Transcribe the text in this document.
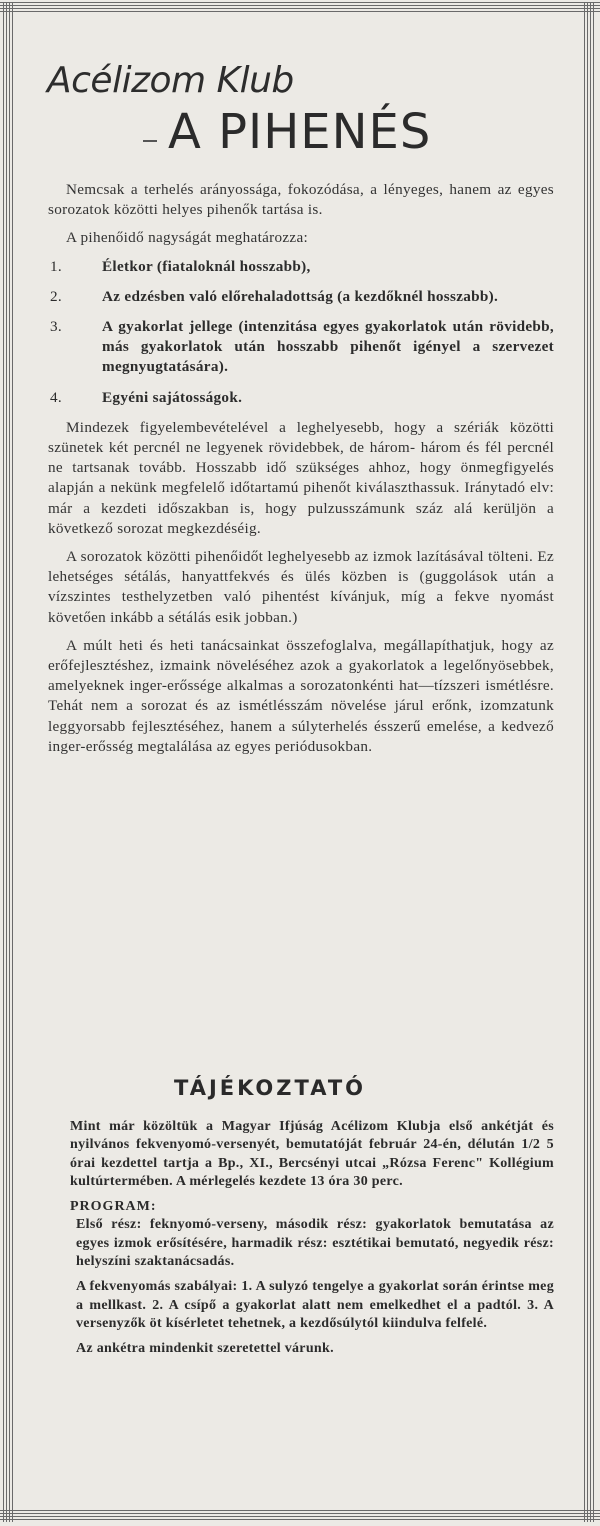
Acélizom Klub
A PIHENÉS

Nemcsak a terhelés arányossága, fokozódása, a lényeges, hanem az egyes sorozatok közötti helyes pihenők tartása is.

A pihenőidő nagyságát meghatározza:

1.	Életkor (fiataloknál hosszabb),
2.	Az edzésben való előrehaladottság (a kezdőknél hosszabb).
3.	A gyakorlat jellege (intenzitása egyes gyakorlatok után rövidebb, más gyakorlatok után hosszabb pihenőt igényel a szervezet megnyugtatására).
4.	Egyéni sajátosságok.

Mindezek figyelembevételével a leghelyesebb, hogy a szériák közötti szünetek két percnél ne legyenek rövidebbek, de három- három és fél percnél ne tartsanak tovább. Hosszabb idő szükséges ahhoz, hogy önmegfigyelés alapján a nekünk megfelelő időtartamú pihenőt kiválaszthassuk. Iránytadó elv: már a kezdeti időszakban is, hogy pulzusszámunk száz alá kerüljön a következő sorozat megkezdéséig.

A sorozatok közötti pihenőidőt leghelyesebb az izmok lazításával tölteni. Ez lehetséges sétálás, hanyattfekvés és ülés közben is (guggolások után a vízszintes testhelyzetben való pihentést kívánjuk, míg a fekve nyomást követően inkább a sétálás esik jobban.)

A múlt heti és heti tanácsainkat összefoglalva, megállapíthatjuk, hogy az erőfejlesztéshez, izmaink növeléséhez azok a gyakorlatok a legelőnyösebbek, amelyeknek inger-erőssége alkalmas a sorozatonkénti hat—tízszeri ismétlésre. Tehát nem a sorozat és az ismétlésszám növelése járul erőnk, izomzatunk leggyorsabb fejlesztéséhez, hanem a súlyterhelés ésszerű emelése, a kedvező inger-erősség megtalálása az egyes periódusokban.

TÁJÉKOZTATÓ

Mint már közöltük a Magyar Ifjúság Acélizom Klubja első ankétját és nyilvános fekvenyomó-versenyét, bemutatóját február 24-én, délután 1/2 5 órai kezdettel tartja a Bp., XI., Bercsényi utcai „Rózsa Ferenc" Kollégium kultúrtermében. A mérlegelés kezdete 13 óra 30 perc.

PROGRAM:

Első rész: feknyomó-verseny, második rész: gyakorlatok bemutatása az egyes izmok erősítésére, harmadik rész: esztétikai bemutató, negyedik rész: helyszíni szaktanácsadás.

A fekvenyomás szabályai: 1. A sulyzó tengelye a gyakorlat során érintse meg a mellkast. 2. A csípő a gyakorlat alatt nem emelkedhet el a padtól. 3. A versenyzők öt kísérletet tehetnek, a kezdősúlytól kiindulva felfelé.

Az ankétra mindenkit szeretettel várunk.
